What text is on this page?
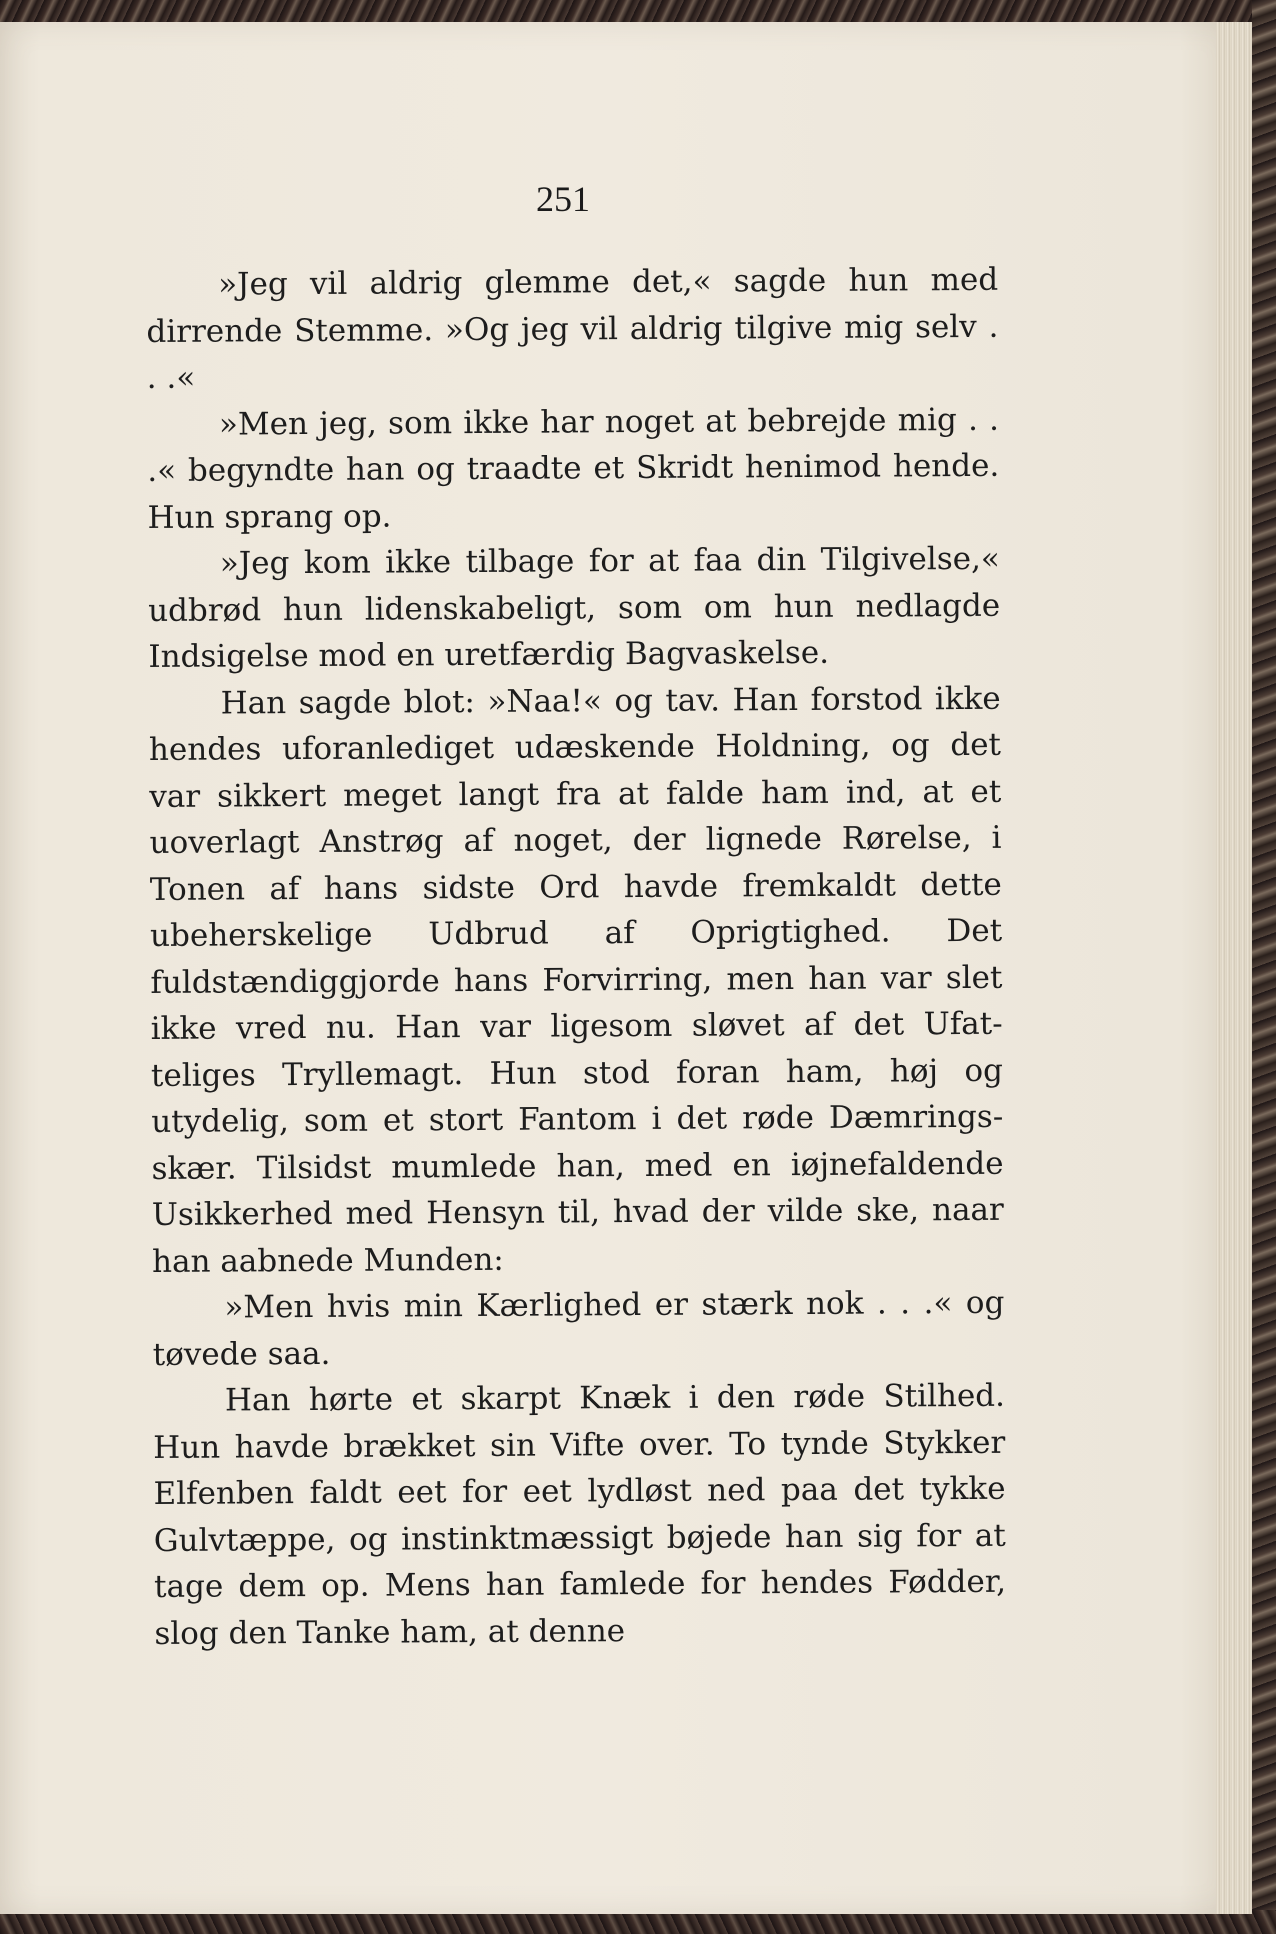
251

»Jeg vil aldrig glemme det,« sagde hun med dirrende Stemme. »Og jeg vil aldrig tilgive mig selv . . .«

»Men jeg, som ikke har noget at bebrejde mig . . .« begyndte han og traadte et Skridt henimod hende. Hun sprang op.

»Jeg kom ikke tilbage for at faa din Tilgivelse,« udbrød hun lidenskabeligt, som om hun nedlagde Indsigelse mod en uretfærdig Bagvaskelse.

Han sagde blot: »Naa!« og tav. Han forstod ikke hendes uforanlediget udæskende Holdning, og det var sikkert meget langt fra at falde ham ind, at et uoverlagt Anstrøg af noget, der lignede Rørelse, i Tonen af hans sidste Ord havde fremkaldt dette ubeherskelige Udbrud af Oprigtighed. Det fuldstændiggjorde hans Forvirring, men han var slet ikke vred nu. Han var ligesom sløvet af det Ufatteliges Tryllemagt. Hun stod foran ham, høj og utydelig, som et stort Fantom i det røde Dæmringsskær. Tilsidst mumlede han, med en iøjnefaldende Usikkerhed med Hensyn til, hvad der vilde ske, naar han aabnede Munden:

»Men hvis min Kærlighed er stærk nok . . .« og tøvede saa.

Han hørte et skarpt Knæk i den røde Stilhed. Hun havde brækket sin Vifte over. To tynde Stykker Elfenben faldt eet for eet lydløst ned paa det tykke Gulvtæppe, og instinktmæssigt bøjede han sig for at tage dem op. Mens han famlede for hendes Fødder, slog den Tanke ham, at denne
